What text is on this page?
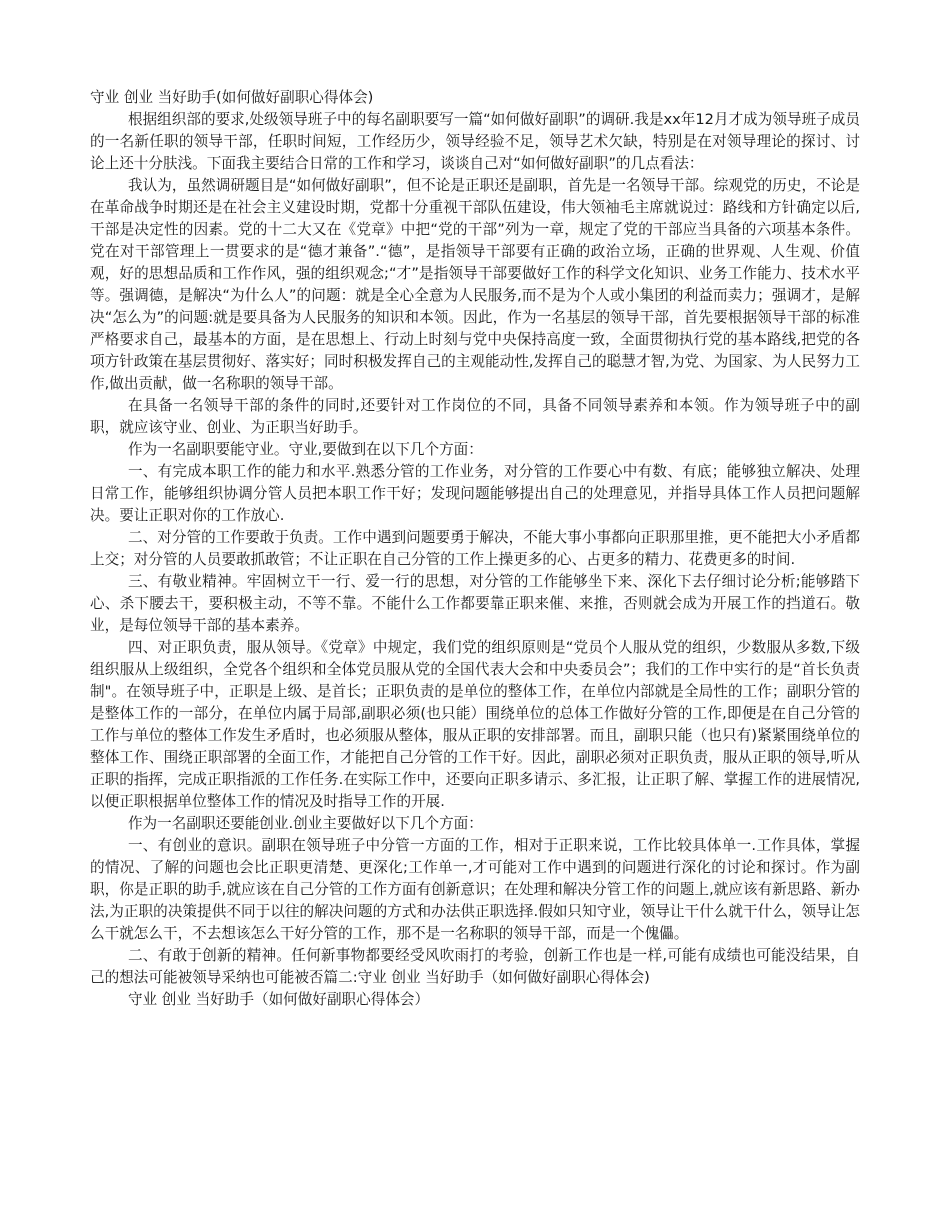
守业 创业 当好助手(如何做好副职心得体会)

根据组织部的要求,处级领导班子中的每名副职要写一篇“如何做好副职”的调研.我是xx年12月才成为领导班子成员的一名新任职的领导干部，任职时间短，工作经历少，领导经验不足，领导艺术欠缺，特别是在对领导理论的探讨、讨论上还十分肤浅。下面我主要结合日常的工作和学习，谈谈自己对“如何做好副职”的几点看法：

我认为，虽然调研题目是“如何做好副职”，但不论是正职还是副职，首先是一名领导干部。综观党的历史，不论是在革命战争时期还是在社会主义建设时期，党都十分重视干部队伍建设，伟大领袖毛主席就说过：路线和方针确定以后,干部是决定性的因素。党的十二大又在《党章》中把“党的干部”列为一章，规定了党的干部应当具备的六项基本条件。党在对干部管理上一贯要求的是“德才兼备”.“德”，是指领导干部要有正确的政治立场，正确的世界观、人生观、价值观，好的思想品质和工作作风，强的组织观念;“才”是指领导干部要做好工作的科学文化知识、业务工作能力、技术水平等。强调德，是解决“为什么人”的问题：就是全心全意为人民服务,而不是为个人或小集团的利益而卖力；强调才，是解决“怎么为”的问题:就是要具备为人民服务的知识和本领。因此，作为一名基层的领导干部，首先要根据领导干部的标准严格要求自己，最基本的方面，是在思想上、行动上时刻与党中央保持高度一致，全面贯彻执行党的基本路线,把党的各项方针政策在基层贯彻好、落实好；同时积极发挥自己的主观能动性,发挥自己的聪慧才智,为党、为国家、为人民努力工作,做出贡献，做一名称职的领导干部。

在具备一名领导干部的条件的同时,还要针对工作岗位的不同，具备不同领导素养和本领。作为领导班子中的副职，就应该守业、创业、为正职当好助手。

作为一名副职要能守业。守业,要做到在以下几个方面：

一、有完成本职工作的能力和水平.熟悉分管的工作业务，对分管的工作要心中有数、有底；能够独立解决、处理日常工作，能够组织协调分管人员把本职工作干好；发现问题能够提出自己的处理意见，并指导具体工作人员把问题解决。要让正职对你的工作放心.

二、对分管的工作要敢于负责。工作中遇到问题要勇于解决，不能大事小事都向正职那里推，更不能把大小矛盾都上交；对分管的人员要敢抓敢管；不让正职在自己分管的工作上操更多的心、占更多的精力、花费更多的时间.

三、有敬业精神。牢固树立干一行、爱一行的思想，对分管的工作能够坐下来、深化下去仔细讨论分析;能够踏下心、杀下腰去干，要积极主动，不等不靠。不能什么工作都要靠正职来催、来推，否则就会成为开展工作的挡道石。敬业，是每位领导干部的基本素养。

四、对正职负责，服从领导。《党章》中规定，我们党的组织原则是“党员个人服从党的组织，少数服从多数,下级组织服从上级组织，全党各个组织和全体党员服从党的全国代表大会和中央委员会”；我们的工作中实行的是“首长负责制"。在领导班子中，正职是上级、是首长；正职负责的是单位的整体工作，在单位内部就是全局性的工作；副职分管的是整体工作的一部分，在单位内属于局部,副职必须(也只能）围绕单位的总体工作做好分管的工作,即便是在自己分管的工作与单位的整体工作发生矛盾时，也必须服从整体，服从正职的安排部署。而且，副职只能（也只有)紧紧围绕单位的整体工作、围绕正职部署的全面工作，才能把自己分管的工作干好。因此，副职必须对正职负责，服从正职的领导,听从正职的指挥，完成正职指派的工作任务.在实际工作中，还要向正职多请示、多汇报，让正职了解、掌握工作的进展情况,以便正职根据单位整体工作的情况及时指导工作的开展.

作为一名副职还要能创业.创业主要做好以下几个方面：

一、有创业的意识。副职在领导班子中分管一方面的工作，相对于正职来说，工作比较具体单一.工作具体，掌握的情况、了解的问题也会比正职更清楚、更深化;工作单一,才可能对工作中遇到的问题进行深化的讨论和探讨。作为副职，你是正职的助手,就应该在自己分管的工作方面有创新意识；在处理和解决分管工作的问题上,就应该有新思路、新办法,为正职的决策提供不同于以往的解决问题的方式和办法供正职选择.假如只知守业，领导让干什么就干什么，领导让怎么干就怎么干，不去想该怎么干好分管的工作，那不是一名称职的领导干部，而是一个傀儡。

二、有敢于创新的精神。任何新事物都要经受风吹雨打的考验，创新工作也是一样,可能有成绩也可能没结果，自己的想法可能被领导采纳也可能被否篇二:守业 创业 当好助手（如何做好副职心得体会)

守业 创业 当好助手（如何做好副职心得体会）
